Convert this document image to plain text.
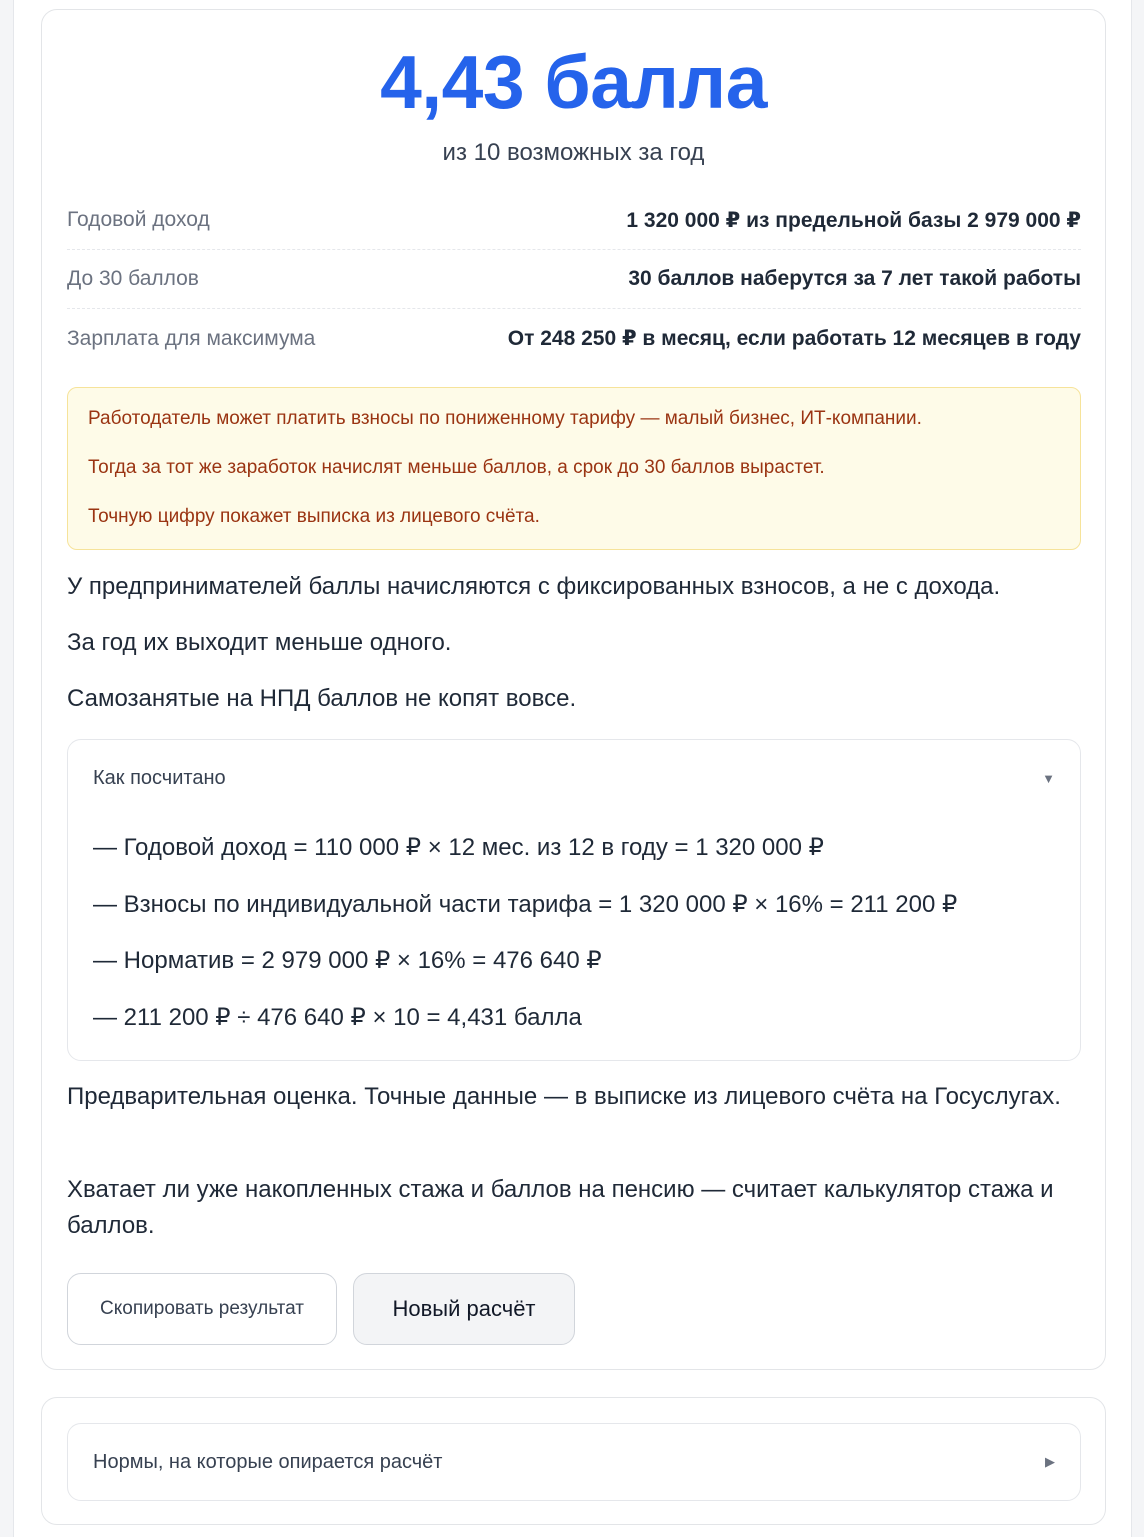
4,43 балла
из 10 возможных за год
Годовой доход	1 320 000 ₽ из предельной базы 2 979 000 ₽
До 30 баллов	30 баллов наберутся за 7 лет такой работы
Зарплата для максимума	От 248 250 ₽ в месяц, если работать 12 месяцев в году

Работодатель может платить взносы по пониженному тарифу — малый бизнес, ИТ-компании.

Тогда за тот же заработок начислят меньше баллов, а срок до 30 баллов вырастет.

Точную цифру покажет выписка из лицевого счёта.

У предпринимателей баллы начисляются с фиксированных взносов, а не с дохода.

За год их выходит меньше одного.

Самозанятые на НПД баллов не копят вовсе.

Как посчитано	▼
— Годовой доход = 110 000 ₽ × 12 мес. из 12 в году = 1 320 000 ₽
— Взносы по индивидуальной части тарифа = 1 320 000 ₽ × 16% = 211 200 ₽
— Норматив = 2 979 000 ₽ × 16% = 476 640 ₽
— 211 200 ₽ ÷ 476 640 ₽ × 10 = 4,431 балла

Предварительная оценка. Точные данные — в выписке из лицевого счёта на Госуслугах.

Хватает ли уже накопленных стажа и баллов на пенсию — считает калькулятор стажа и баллов.

Скопировать результат	Новый расчёт
Нормы, на которые опирается расчёт	▶
